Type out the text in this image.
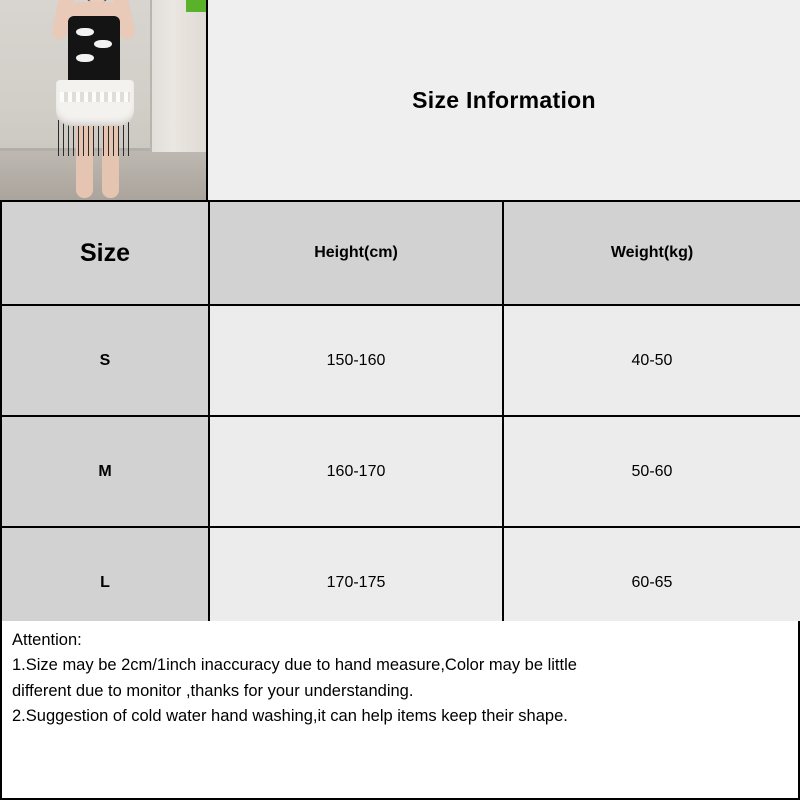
Size Information
Size	Height(cm)	Weight(kg)
S	150-160	40-50
M	160-170	50-60
L	170-175	60-65

Attention:

1.Size may be 2cm/1inch inaccuracy due to hand measure,Color may be little

different due to monitor ,thanks for your understanding.

2.Suggestion of cold water hand washing,it can help items keep their shape.
